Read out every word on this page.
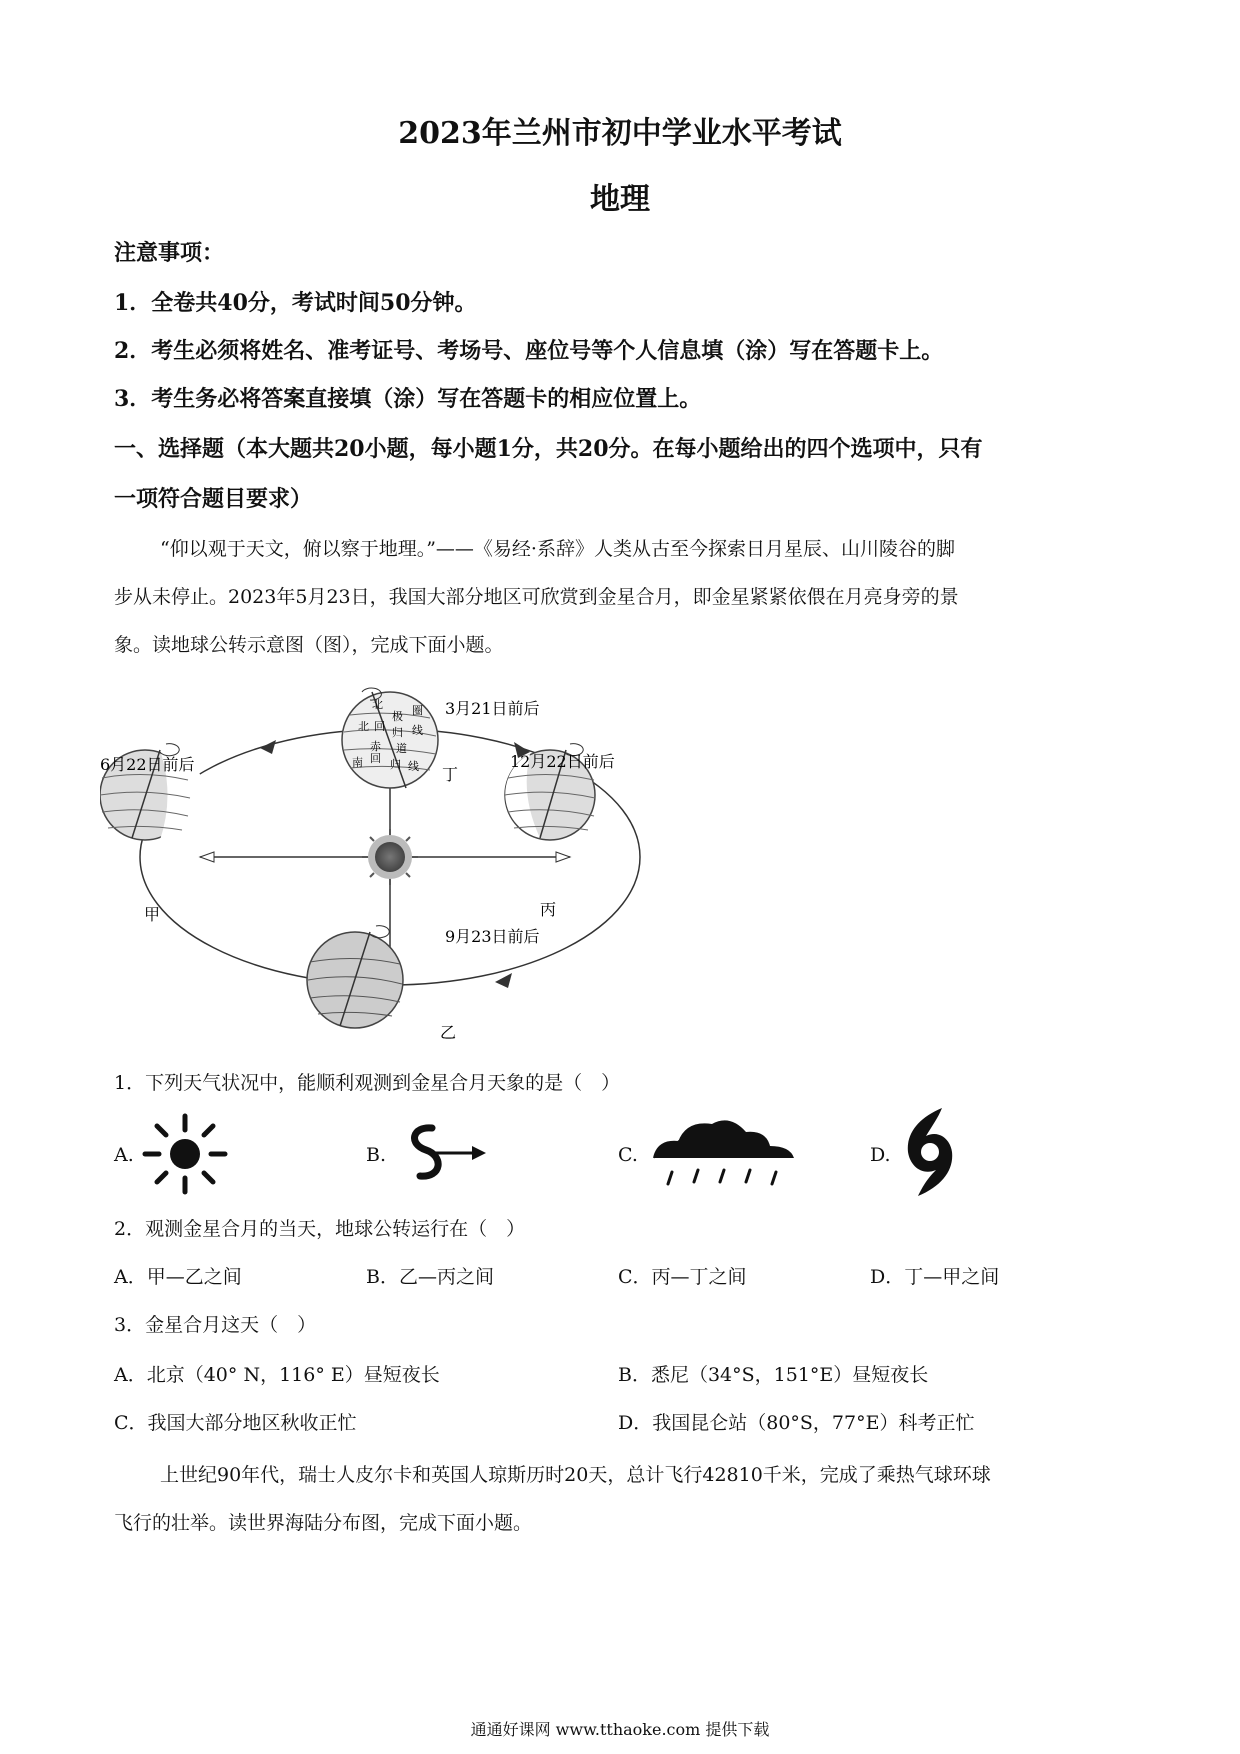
2023年兰州市初中学业水平考试
地理
注意事项：
1．全卷共40分，考试时间50分钟。
2．考生必须将姓名、准考证号、考场号、座位号等个人信息填（涂）写在答题卡上。
3．考生务必将答案直接填（涂）写在答题卡的相应位置上。
一、选择题（本大题共20小题，每小题1分，共20分。在每小题给出的四个选项中，只有
一项符合题目要求）
“仰以观于天文，俯以察于地理。”——《易经·系辞》人类从古至今探索日月星辰、山川陵谷的脚
步从未停止。2023年5月23日，我国大部分地区可欣赏到金星合月，即金星紧紧依偎在月亮身旁的景
象。读地球公转示意图（图），完成下面小题。
北
极 圈
北 回 归 线
赤 道
南 回 归 线
3月21日前后
6月22日前后	12月22日前后
9月23日前后
甲
乙
丙
丁
1．下列天气状况中，能顺利观测到金星合月天象的是（　）
A.	B.	C.	D.
2．观测金星合月的当天，地球公转运行在（　）
A．甲—乙之间	B．乙—丙之间	C．丙—丁之间	D．丁—甲之间
3．金星合月这天（　）
A．北京（40° N，116° E）昼短夜长	B．悉尼（34°S，151°E）昼短夜长
C．我国大部分地区秋收正忙	D．我国昆仑站（80°S，77°E）科考正忙
上世纪90年代，瑞士人皮尔卡和英国人琼斯历时20天，总计飞行42810千米，完成了乘热气球环球
飞行的壮举。读世界海陆分布图，完成下面小题。
通通好课网 www.tthaoke.com 提供下载
